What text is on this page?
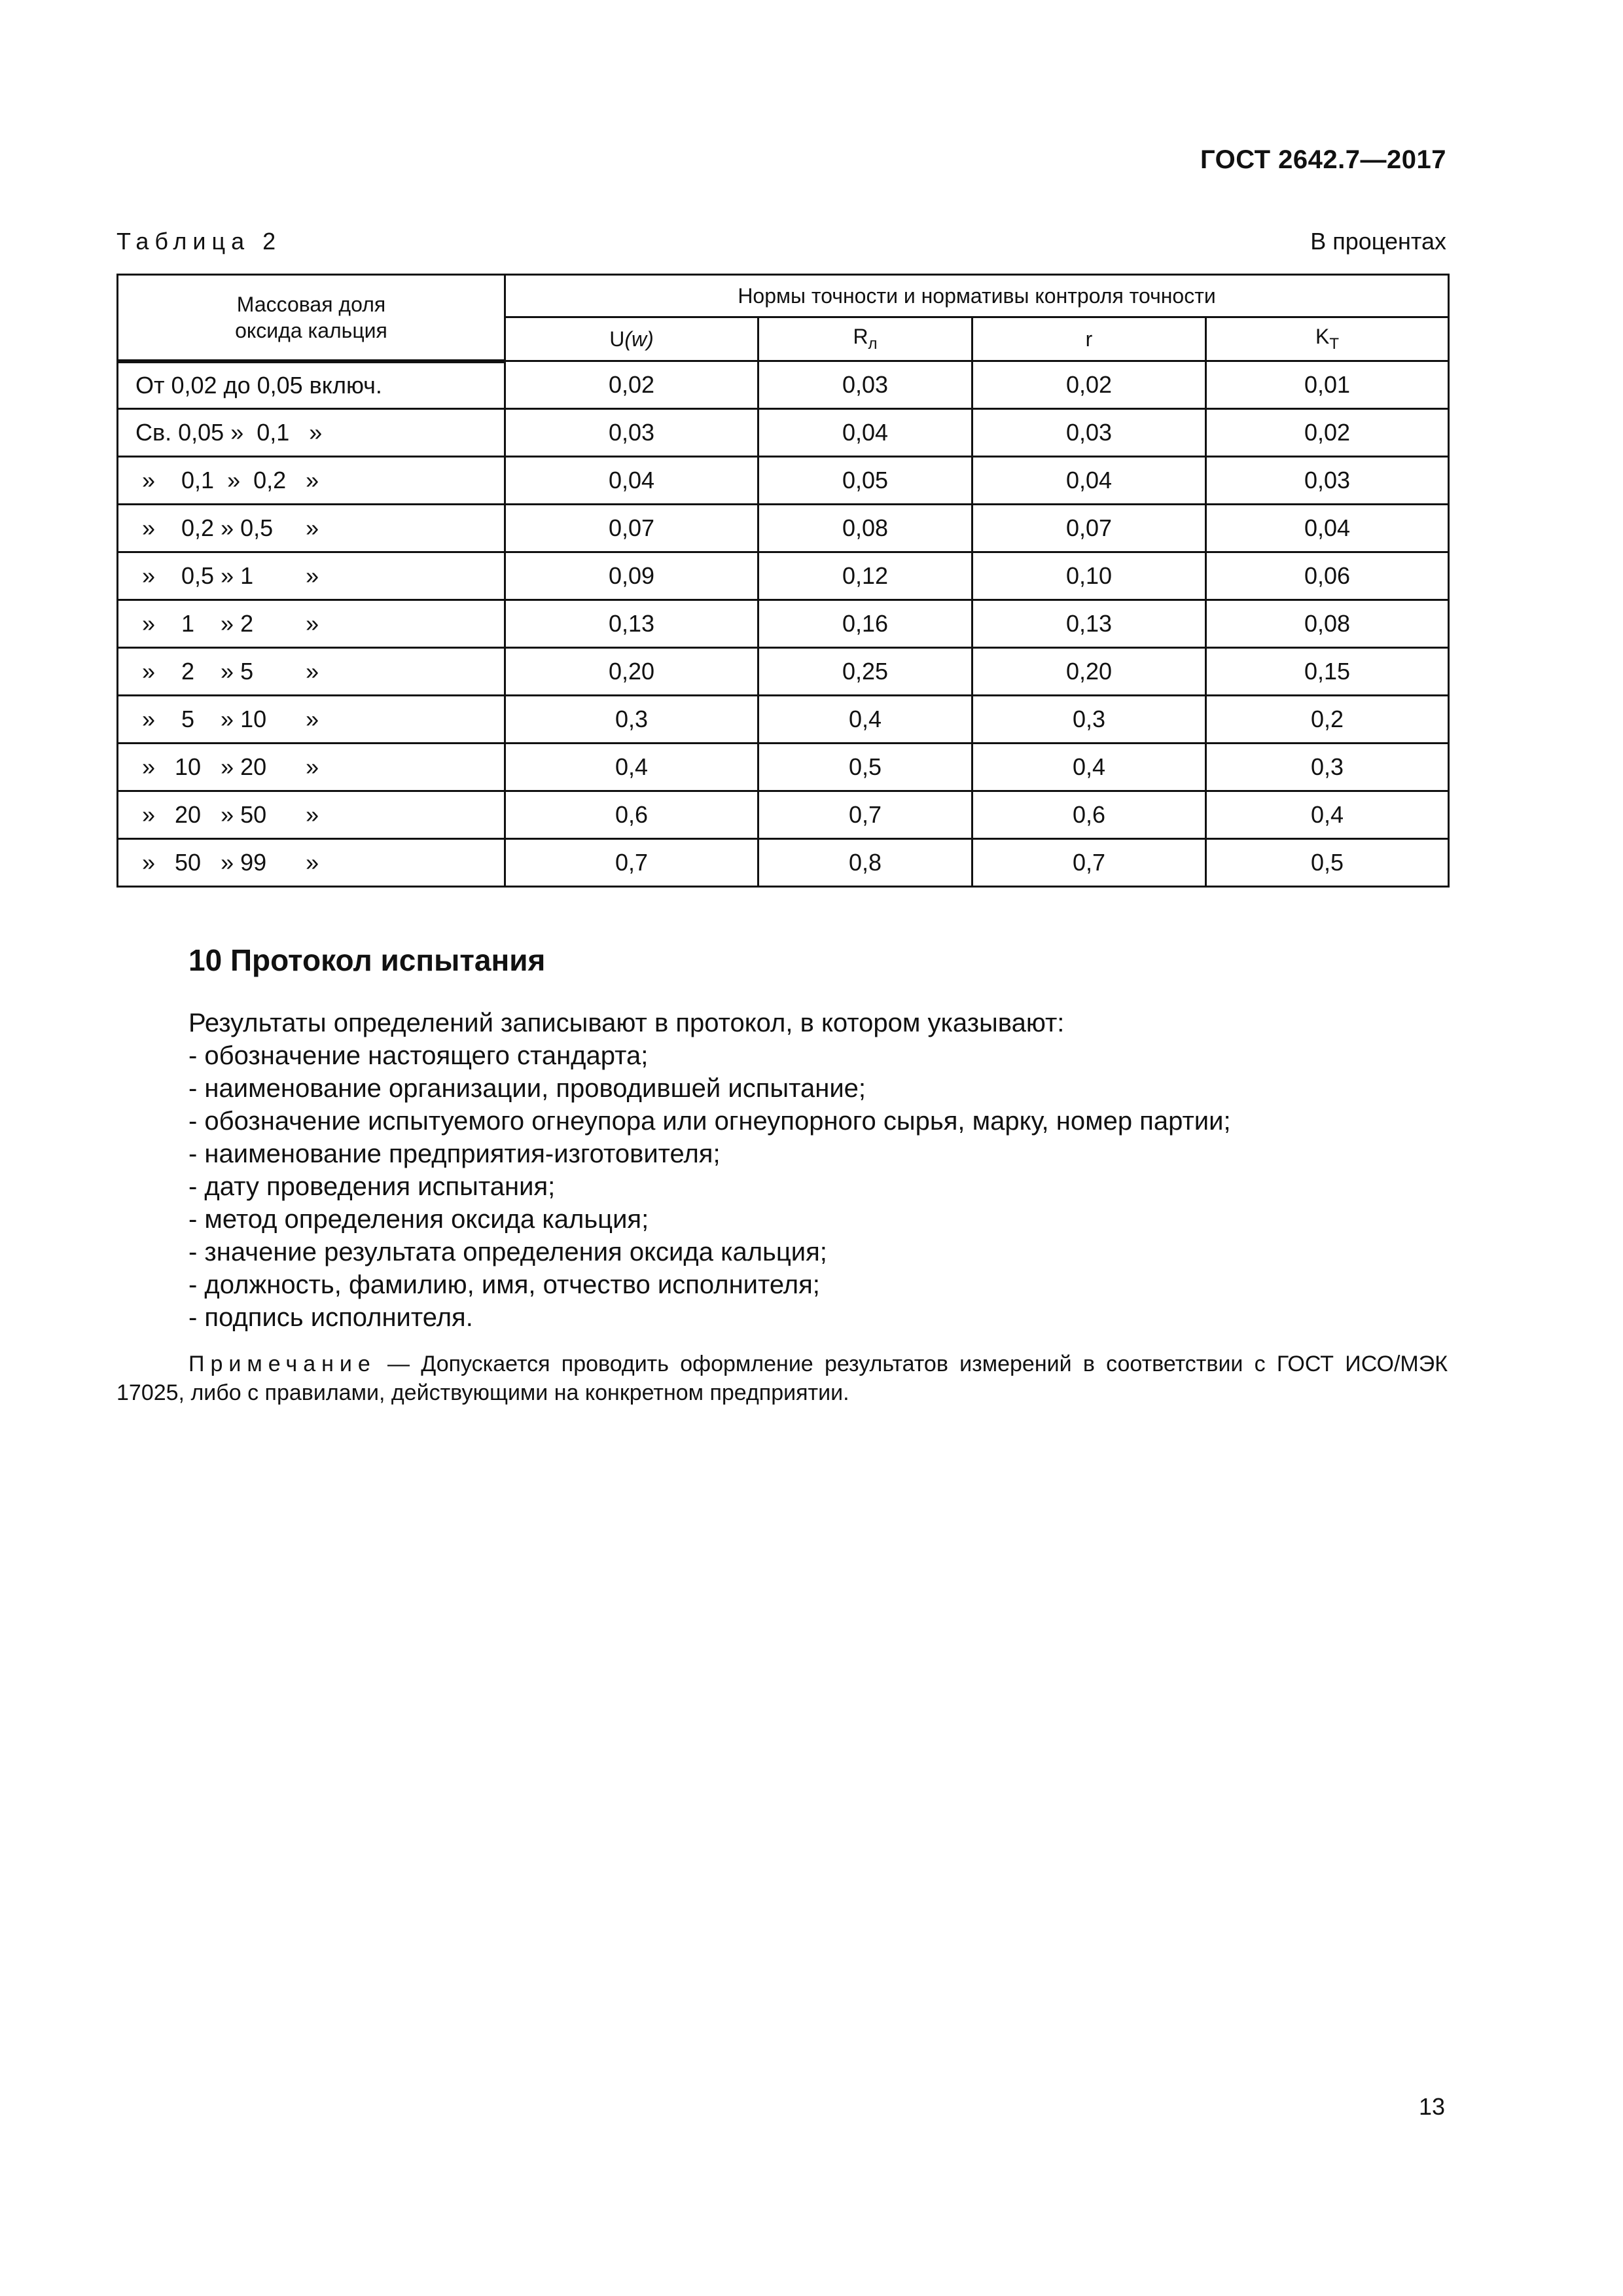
ГОСТ 2642.7—2017
Таблица 2	В процентах
Массовая доля
оксида кальция	Нормы точности и нормативы контроля точности			
	U(w)	$R_л$	r	$K_T$
От 0,02 до 0,05 включ.	0,02	0,03	0,02	0,01
Св. 0,05 »  0,1   »	0,03	0,04	0,03	0,02
»    0,1  »  0,2   »	0,04	0,05	0,04	0,03
»    0,2 » 0,5     »	0,07	0,08	0,07	0,04
»    0,5 » 1        »	0,09	0,12	0,10	0,06
»    1    » 2        »	0,13	0,16	0,13	0,08
»    2    » 5        »	0,20	0,25	0,20	0,15
»    5    » 10      »	0,3	0,4	0,3	0,2
»   10   » 20      »	0,4	0,5	0,4	0,3
»   20   » 50      »	0,6	0,7	0,6	0,4
»   50   » 99      »	0,7	0,8	0,7	0,5
10 Протокол испытания

Результаты определений записывают в протокол, в котором указывают:

- обозначение настоящего стандарта;
- наименование организации, проводившей испытание;
- обозначение испытуемого огнеупора или огнеупорного сырья, марку, номер партии;
- наименование предприятия-изготовителя;
- дату проведения испытания;
- метод определения оксида кальция;
- значение результата определения оксида кальция;
- должность, фамилию, имя, отчество исполнителя;
- подпись исполнителя.

Примечание — Допускается проводить оформление результатов измерений в соответствии с ГОСТ ИСО/МЭК 17025, либо с правилами, действующими на конкретном предприятии.

13
